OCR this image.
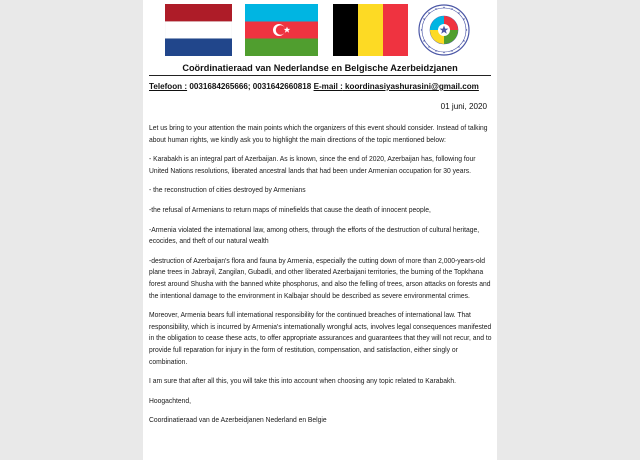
Coördinatieraad van Nederlandse en Belgische Azerbeidzjanen
Telefoon : 0031684265666; 0031642660818 E-mail : koordinasiyashurasini@gmail.com
01 juni, 2020

Let us bring to your attention the main points which the organizers of this event should consider. Instead of talking about human rights, we kindly ask you to highlight the main directions of the topic mentioned below:

- Karabakh is an integral part of Azerbaijan. As is known, since the end of 2020, Azerbaijan has, following four United Nations resolutions, liberated ancestral lands that had been under Armenian occupation for 30 years.

- the reconstruction of cities destroyed by Armenians

-the refusal of Armenians to return maps of minefields that cause the death of innocent people,

-Armenia violated the international law, among others, through the efforts of the destruction of cultural heritage, ecocides, and theft of our natural wealth

-destruction of Azerbaijan's flora and fauna by Armenia, especially the cutting down of more than 2,000-years-old plane trees in Jabrayil, Zangilan, Gubadli, and other liberated Azerbaijani territories, the burning of the Topkhana forest around Shusha with the banned white phosphorus, and also the felling of trees, arson attacks on forests and the intentional damage to the environment in Kalbajar should be described as severe environmental crimes.

Moreover, Armenia bears full international responsibility for the continued breaches of international law. That responsibility, which is incurred by Armenia's internationally wrongful acts, involves legal consequences manifested in the obligation to cease these acts, to offer appropriate assurances and guarantees that they will not recur, and to provide full reparation for injury in the form of restitution, compensation, and satisfaction, either singly or combination.

I am sure that after all this, you will take this into account when choosing any topic related to Karabakh.

Hoogachtend,

Coordinatieraad van de Azerbeidjanen Nederland en Belgie
